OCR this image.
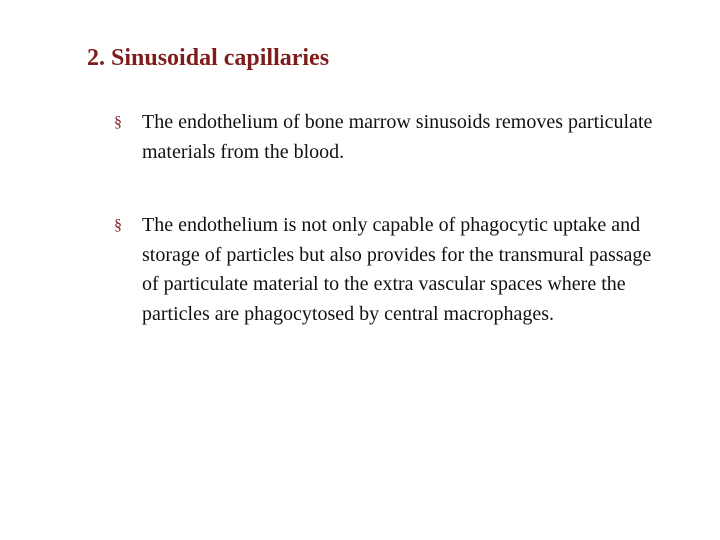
2. Sinusoidal capillaries
§ The endothelium of bone marrow sinusoids removes particulate materials from the blood.
§ The endothelium is not only capable of phagocytic uptake and storage of particles but also provides for the transmural passage of particulate material to the extra vascular spaces where the particles are phagocytosed by central macrophages.
